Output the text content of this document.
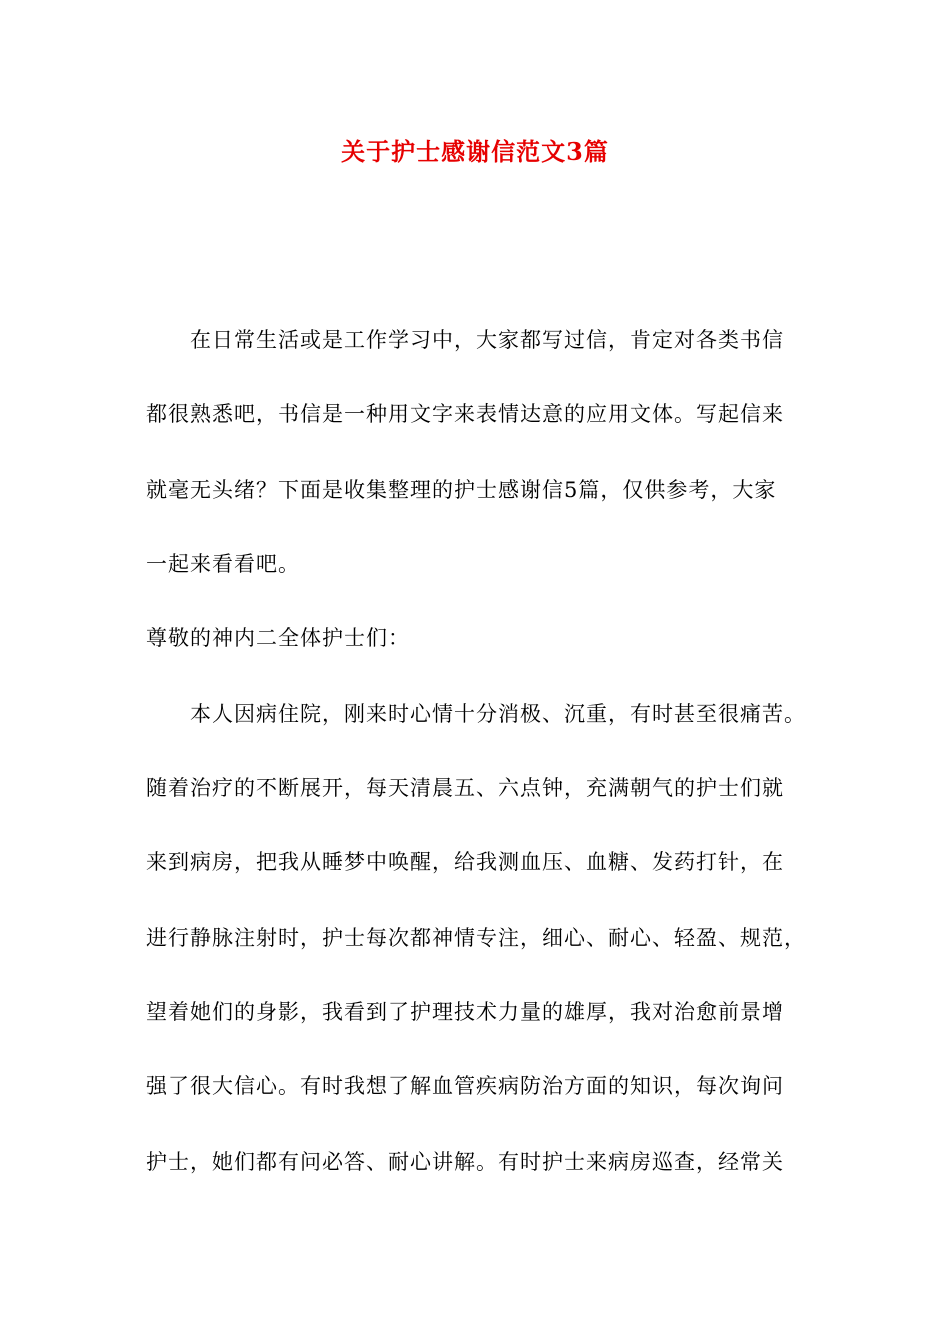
关于护士感谢信范文3篇
在日常生活或是工作学习中，大家都写过信，肯定对各类书信
都很熟悉吧，书信是一种用文字来表情达意的应用文体。写起信来
就毫无头绪？下面是收集整理的护士感谢信5篇，仅供参考，大家
一起来看看吧。
尊敬的神内二全体护士们：
本人因病住院，刚来时心情十分消极、沉重，有时甚至很痛苦。
随着治疗的不断展开，每天清晨五、六点钟，充满朝气的护士们就
来到病房，把我从睡梦中唤醒，给我测血压、血糖、发药打针，在
进行静脉注射时，护士每次都神情专注，细心、耐心、轻盈、规范，
望着她们的身影，我看到了护理技术力量的雄厚，我对治愈前景增
强了很大信心。有时我想了解血管疾病防治方面的知识，每次询问
护士，她们都有问必答、耐心讲解。有时护士来病房巡查，经常关
